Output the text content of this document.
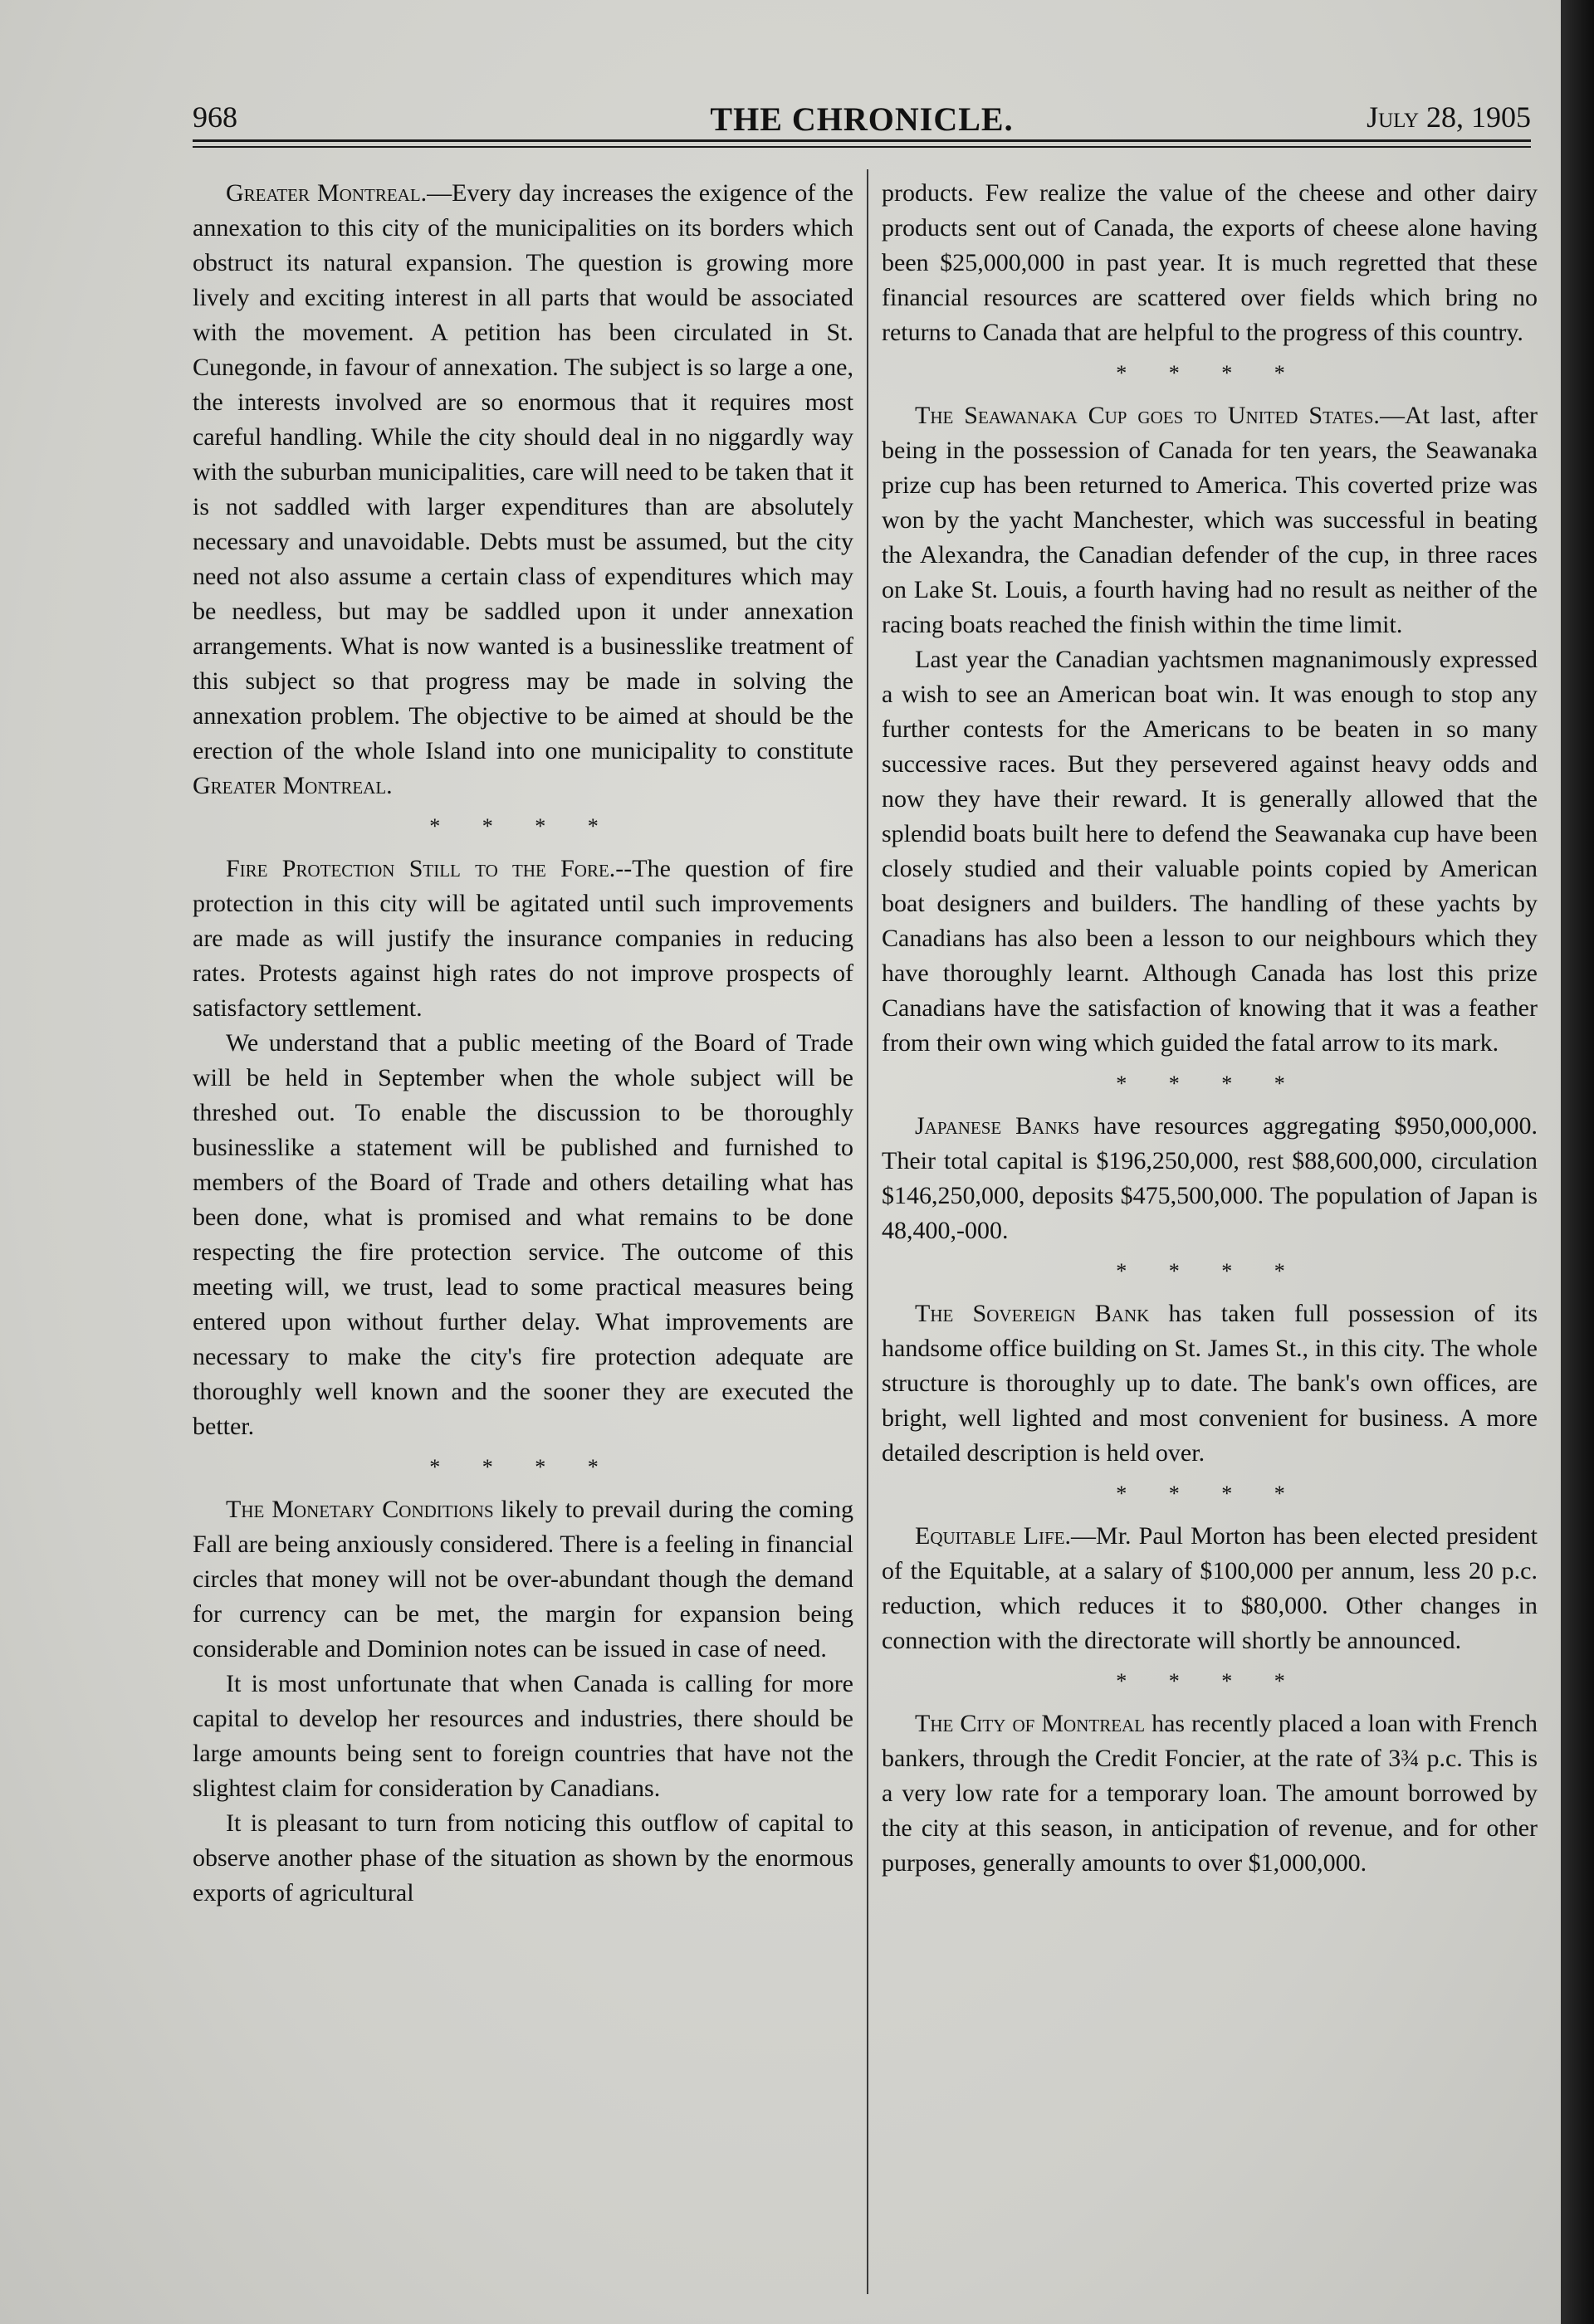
968	THE CHRONICLE.	July 28, 1905

Greater Montreal.—Every day increases the exigence of the annexation to this city of the municipalities on its borders which obstruct its natural expansion. The question is growing more lively and exciting interest in all parts that would be associated with the movement. A petition has been circulated in St. Cunegonde, in favour of annexation. The subject is so large a one, the interests involved are so enormous that it requires most careful handling. While the city should deal in no niggardly way with the suburban municipalities, care will need to be taken that it is not saddled with larger expenditures than are absolutely necessary and unavoidable. Debts must be assumed, but the city need not also assume a certain class of expenditures which may be needless, but may be saddled upon it under annexation arrangements. What is now wanted is a businesslike treatment of this subject so that progress may be made in solving the annexation problem. The objective to be aimed at should be the erection of the whole Island into one municipality to constitute Greater Montreal.

* * * *

Fire Protection Still to the Fore.--The question of fire protection in this city will be agitated until such improvements are made as will justify the insurance companies in reducing rates. Protests against high rates do not improve prospects of satisfactory settlement.

We understand that a public meeting of the Board of Trade will be held in September when the whole subject will be threshed out. To enable the discussion to be thoroughly businesslike a statement will be published and furnished to members of the Board of Trade and others detailing what has been done, what is promised and what remains to be done respecting the fire protection service. The outcome of this meeting will, we trust, lead to some practical measures being entered upon without further delay. What improvements are necessary to make the city's fire protection adequate are thoroughly well known and the sooner they are executed the better.

* * * *

The Monetary Conditions likely to prevail during the coming Fall are being anxiously considered. There is a feeling in financial circles that money will not be over-abundant though the demand for currency can be met, the margin for expansion being considerable and Dominion notes can be issued in case of need.

It is most unfortunate that when Canada is calling for more capital to develop her resources and industries, there should be large amounts being sent to foreign countries that have not the slightest claim for consideration by Canadians.

It is pleasant to turn from noticing this outflow of capital to observe another phase of the situation as shown by the enormous exports of agricultural

products. Few realize the value of the cheese and other dairy products sent out of Canada, the exports of cheese alone having been $25,000,000 in past year. It is much regretted that these financial resources are scattered over fields which bring no returns to Canada that are helpful to the progress of this country.

* * * *

The Seawanaka Cup goes to United States.—At last, after being in the possession of Canada for ten years, the Seawanaka prize cup has been returned to America. This coverted prize was won by the yacht Manchester, which was successful in beating the Alexandra, the Canadian defender of the cup, in three races on Lake St. Louis, a fourth having had no result as neither of the racing boats reached the finish within the time limit.

Last year the Canadian yachtsmen magnanimously expressed a wish to see an American boat win. It was enough to stop any further contests for the Americans to be beaten in so many successive races. But they persevered against heavy odds and now they have their reward. It is generally allowed that the splendid boats built here to defend the Seawanaka cup have been closely studied and their valuable points copied by American boat designers and builders. The handling of these yachts by Canadians has also been a lesson to our neighbours which they have thoroughly learnt. Although Canada has lost this prize Canadians have the satisfaction of knowing that it was a feather from their own wing which guided the fatal arrow to its mark.

* * * *

Japanese Banks have resources aggregating $950,000,000. Their total capital is $196,250,000, rest $88,600,000, circulation $146,250,000, deposits $475,500,000. The population of Japan is 48,400,-000.

* * * *

The Sovereign Bank has taken full possession of its handsome office building on St. James St., in this city. The whole structure is thoroughly up to date. The bank's own offices, are bright, well lighted and most convenient for business. A more detailed description is held over.

* * * *

Equitable Life.—Mr. Paul Morton has been elected president of the Equitable, at a salary of $100,000 per annum, less 20 p.c. reduction, which reduces it to $80,000. Other changes in connection with the directorate will shortly be announced.

* * * *

The City of Montreal has recently placed a loan with French bankers, through the Credit Foncier, at the rate of 3¾ p.c. This is a very low rate for a temporary loan. The amount borrowed by the city at this season, in anticipation of revenue, and for other purposes, generally amounts to over $1,000,000.
